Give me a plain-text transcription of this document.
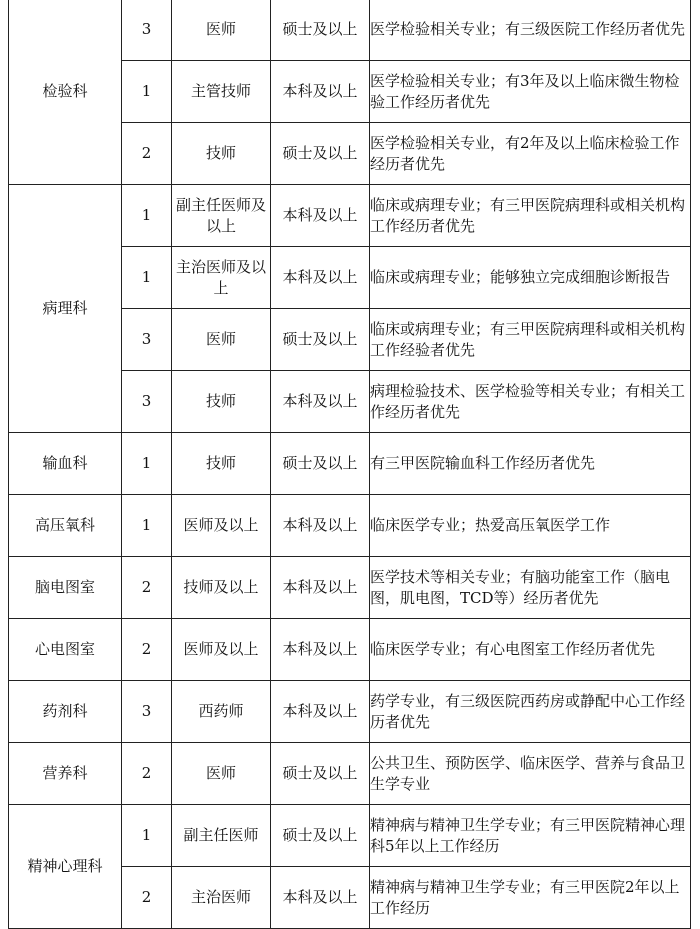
检验科	3	医师	硕士及以上	医学检验相关专业；有三级医院工作经历者优先
	1	主管技师	本科及以上	医学检验相关专业；有3年及以上临床微生物检验工作经历者优先
	2	技师	硕士及以上	医学检验相关专业，有2年及以上临床检验工作经历者优先
病理科	1	副主任医师及以上	本科及以上	临床或病理专业；有三甲医院病理科或相关机构工作经历者优先
	1	主治医师及以上	本科及以上	临床或病理专业；能够独立完成细胞诊断报告
	3	医师	硕士及以上	临床或病理专业；有三甲医院病理科或相关机构工作经验者优先
	3	技师	本科及以上	病理检验技术、医学检验等相关专业；有相关工作经历者优先
输血科	1	技师	硕士及以上	有三甲医院输血科工作经历者优先
高压氧科	1	医师及以上	本科及以上	临床医学专业；热爱高压氧医学工作
脑电图室	2	技师及以上	本科及以上	医学技术等相关专业；有脑功能室工作（脑电图，肌电图，TCD等）经历者优先
心电图室	2	医师及以上	本科及以上	临床医学专业；有心电图室工作经历者优先
药剂科	3	西药师	本科及以上	药学专业，有三级医院西药房或静配中心工作经历者优先
营养科	2	医师	硕士及以上	公共卫生、预防医学、临床医学、营养与食品卫生学专业
精神心理科	1	副主任医师	硕士及以上	精神病与精神卫生学专业；有三甲医院精神心理科5年以上工作经历
	2	主治医师	本科及以上	精神病与精神卫生学专业；有三甲医院2年以上工作经历
